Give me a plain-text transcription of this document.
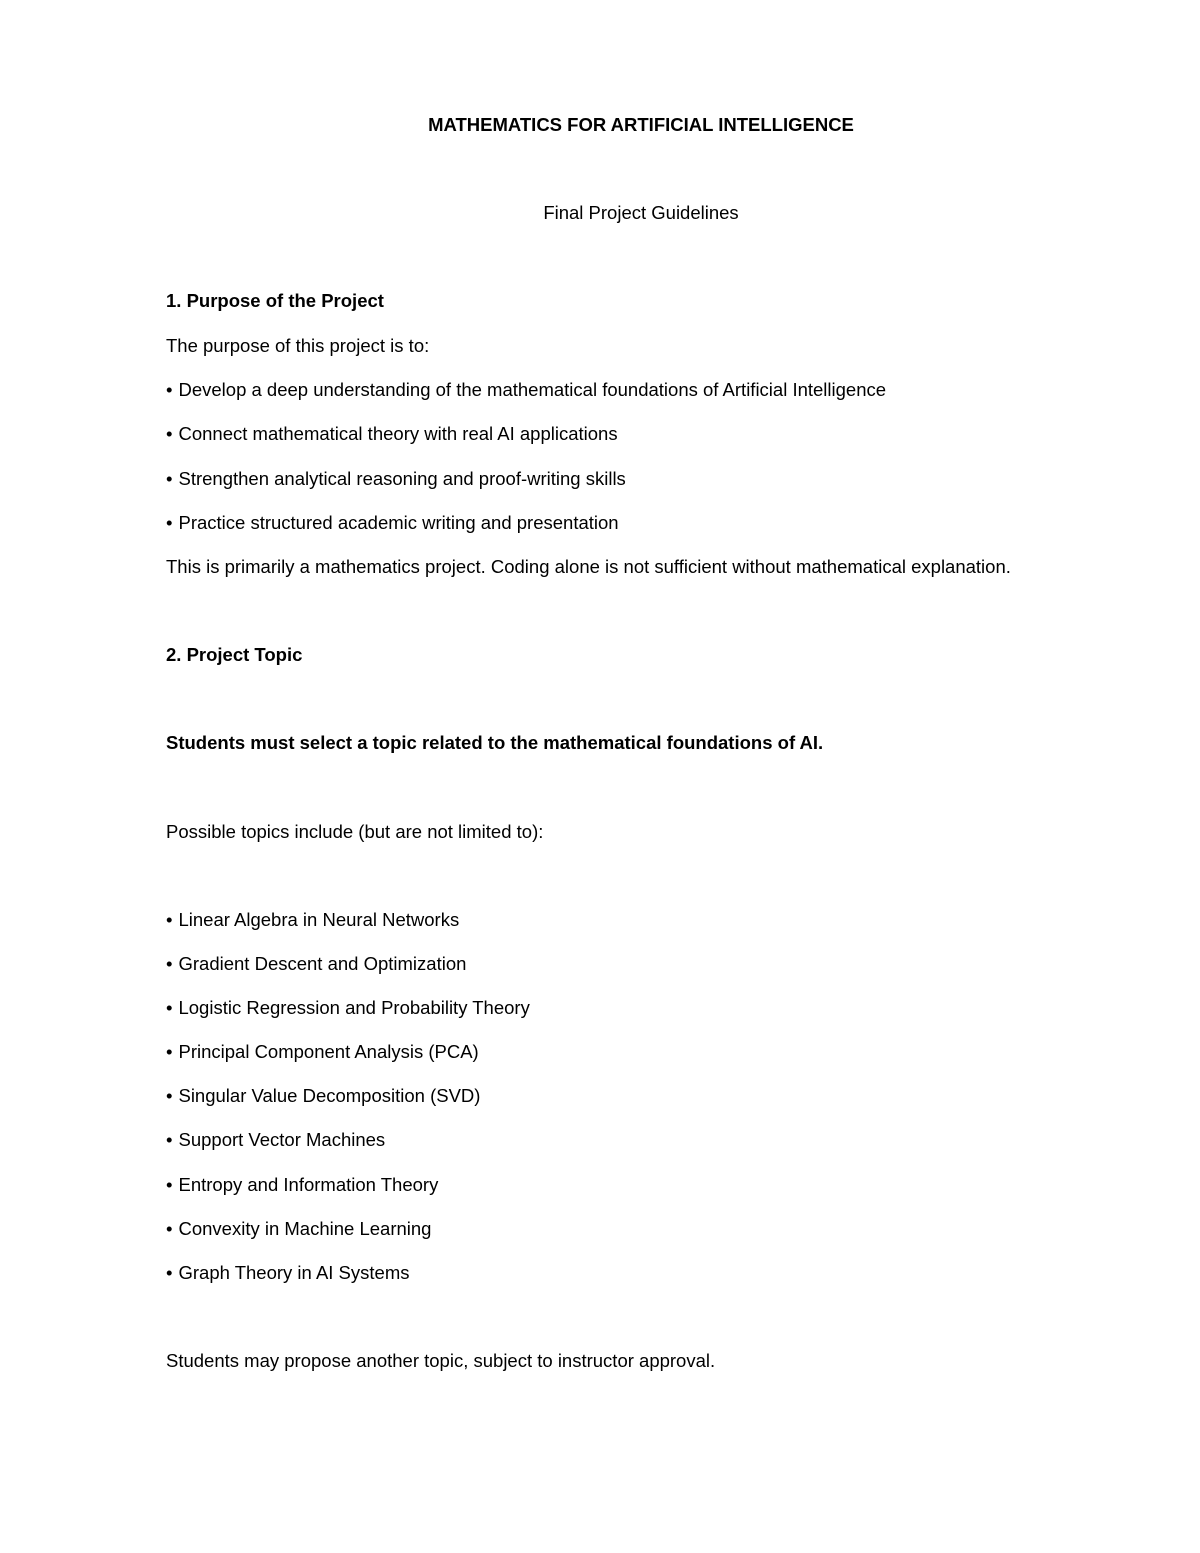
MATHEMATICS FOR ARTIFICIAL INTELLIGENCE
Final Project Guidelines
1. Purpose of the Project
The purpose of this project is to:
• Develop a deep understanding of the mathematical foundations of Artificial Intelligence
• Connect mathematical theory with real AI applications
• Strengthen analytical reasoning and proof-writing skills
• Practice structured academic writing and presentation
This is primarily a mathematics project. Coding alone is not sufficient without mathematical explanation.
2. Project Topic
Students must select a topic related to the mathematical foundations of AI.
Possible topics include (but are not limited to):
• Linear Algebra in Neural Networks
• Gradient Descent and Optimization
• Logistic Regression and Probability Theory
• Principal Component Analysis (PCA)
• Singular Value Decomposition (SVD)
• Support Vector Machines
• Entropy and Information Theory
• Convexity in Machine Learning
• Graph Theory in AI Systems
Students may propose another topic, subject to instructor approval.
